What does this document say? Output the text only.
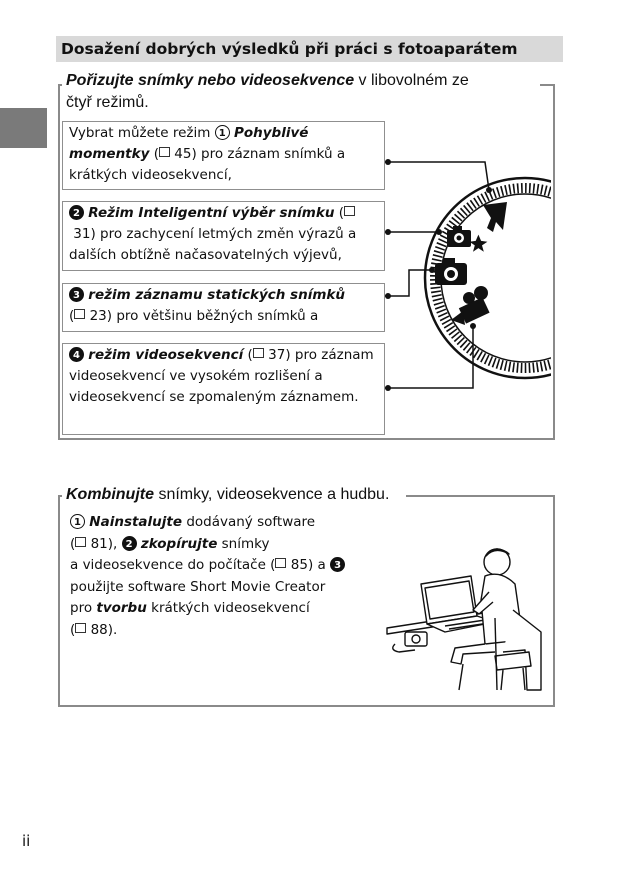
Dosažení dobrých výsledků při práci s fotoaparátem
Pořizujte snímky nebo videosekvence v libovolném ze
čtyř režimů.
Vybrat můžete režim 1 Pohyblivé momentky ( 45) pro záznam snímků a krátkých videosekvencí,
2 Režim Inteligentní výběr snímku ( 31) pro zachycení letmých změn výrazů a dalších obtížně načasovatelných výjevů,
3 režim záznamu statických snímků
( 23) pro většinu běžných snímků a
4 režim videosekvencí ( 37) pro záznam videosekvencí ve vysokém rozlišení a videosekvencí se zpomaleným záznamem.
Kombinujte snímky, videosekvence a hudbu.
1 Nainstalujte dodávaný software
( 81), 2 zkopírujte snímky
a videosekvence do počítače ( 85) a 3
použijte software Short Movie Creator
pro tvorbu krátkých videosekvencí
( 88).
ii
